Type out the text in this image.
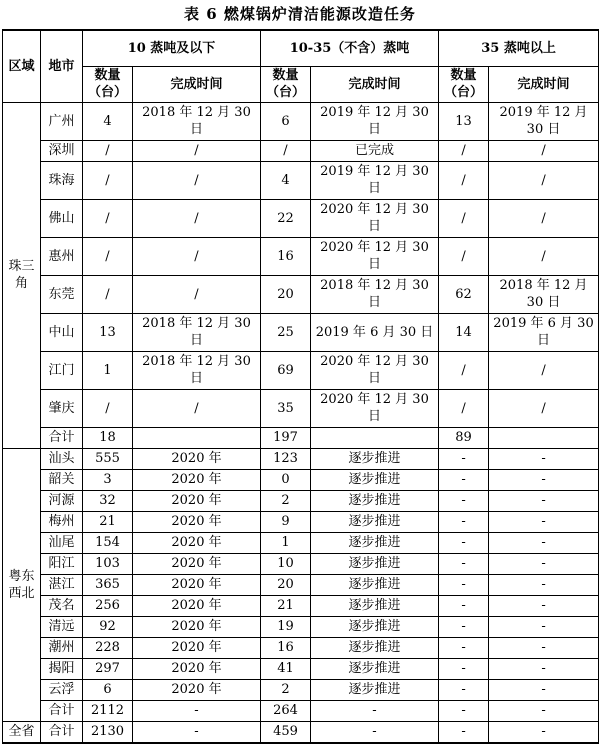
表 6 燃煤锅炉清洁能源改造任务
区域	地市	10 蒸吨及以下		10-35（不含）蒸吨		35 蒸吨以上	
		数量（台）	完成时间	数量（台）	完成时间	数量（台）	完成时间
珠三角	广州	4	2018 年 12 月 30 日	6	2019 年 12 月 30 日	13	2019 年 12 月 30 日
	深圳	/	/	/	已完成	/	/
	珠海	/	/	4	2019 年 12 月 30 日	/	/
	佛山	/	/	22	2020 年 12 月 30 日	/	/
	惠州	/	/	16	2020 年 12 月 30 日	/	/
	东莞	/	/	20	2018 年 12 月 30 日	62	2018 年 12 月 30 日
	中山	13	2018 年 12 月 30 日	25	2019 年 6 月 30 日	14	2019 年 6 月 30 日
	江门	1	2018 年 12 月 30 日	69	2020 年 12 月 30 日	/	/
	肇庆	/	/	35	2020 年 12 月 30 日	/	/
	合计	18		197		89	
粤东西北	汕头	555	2020 年	123	逐步推进	-	-
	韶关	3	2020 年	0	逐步推进	-	-
	河源	32	2020 年	2	逐步推进	-	-
	梅州	21	2020 年	9	逐步推进	-	-
	汕尾	154	2020 年	1	逐步推进	-	-
	阳江	103	2020 年	10	逐步推进	-	-
	湛江	365	2020 年	20	逐步推进	-	-
	茂名	256	2020 年	21	逐步推进	-	-
	清远	92	2020 年	19	逐步推进	-	-
	潮州	228	2020 年	16	逐步推进	-	-
	揭阳	297	2020 年	41	逐步推进	-	-
	云浮	6	2020 年	2	逐步推进	-	-
	合计	2112	-	264	-	-	-
全省	合计	2130	-	459	-	-	-
